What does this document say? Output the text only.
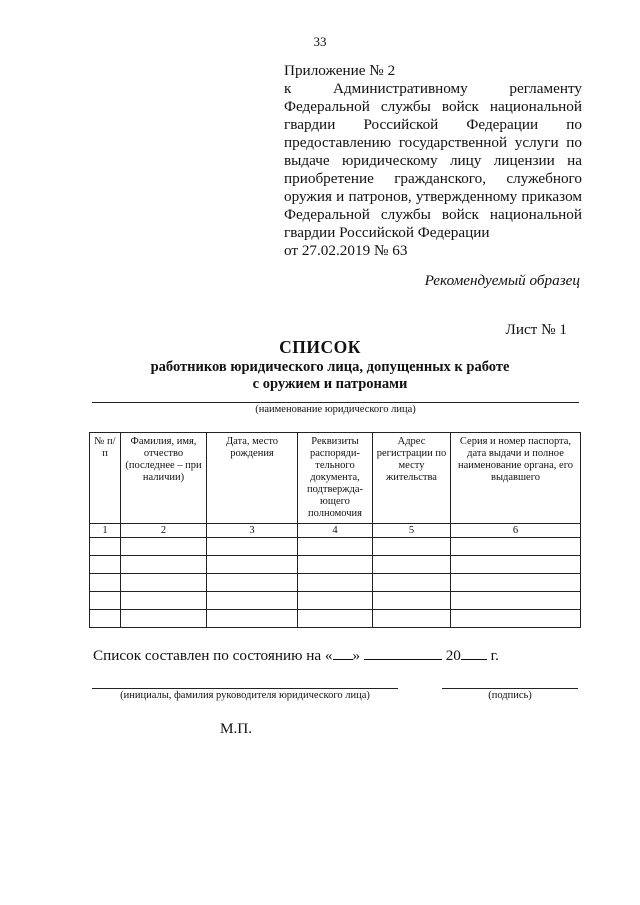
33
Приложение № 2
к Административному регламенту
Федеральной службы войск национальной
гвардии Российской Федерации по
предоставлению государственной услуги по
выдаче юридическому лицу лицензии на
приобретение гражданского, служебного
оружия и патронов, утвержденному приказом
Федеральной службы войск национальной
гвардии Российской Федерации
от 27.02.2019 № 63
Рекомендуемый образец
Лист № 1
СПИСОК
работников юридического лица, допущенных к работе
с оружием и патронами
(наименование юридического лица)
№ п/п	Фамилия, имя, отчество (последнее – при наличии)	Дата, место рождения	Реквизиты распоряди-тельного документа, подтвержда-ющего полномочия	Адрес регистрации по месту жительства	Серия и номер паспорта, дата выдачи и полное наименование органа, его выдавшего
1	2	3	4	5	6

Список составлен по состоянию на « »	20 г.
(инициалы, фамилия руководителя юридического лица)	(подпись)
М.П.
